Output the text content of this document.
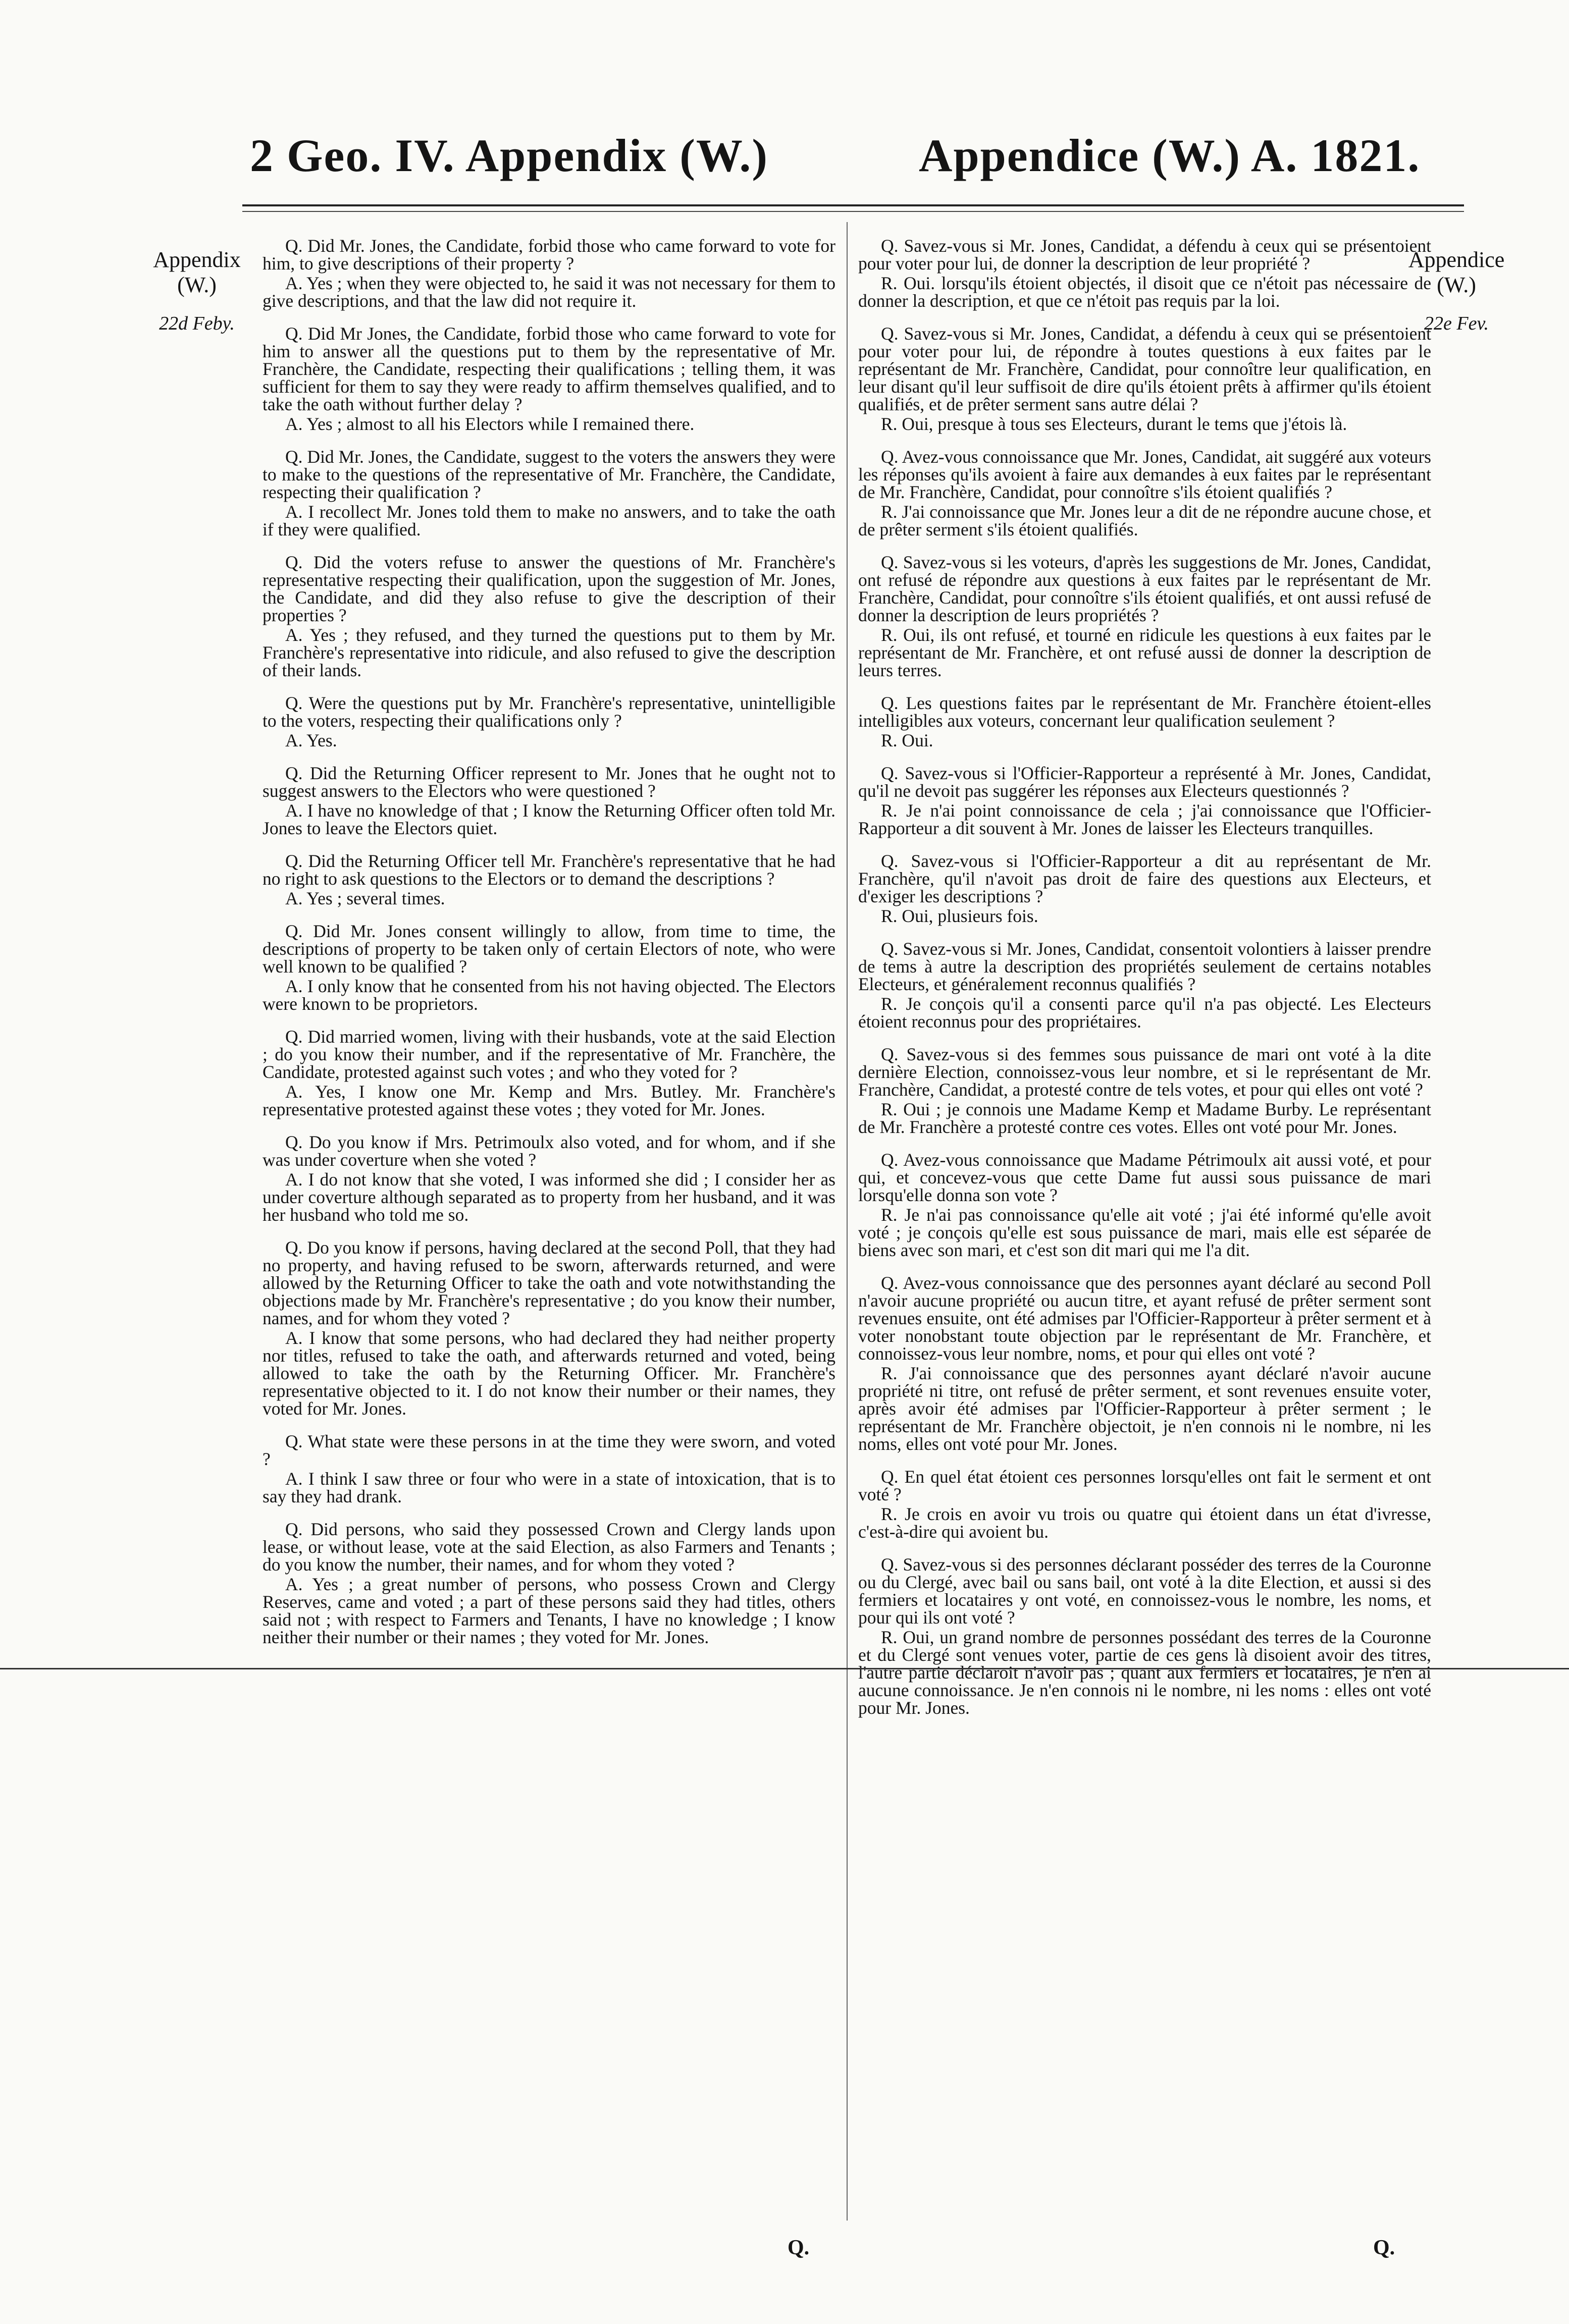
2 Geo. IV. Appendix (W.)	Appendice (W.) A. 1821.
Appendix (W.)
22d Feby.
Appendice (W.)
22e Fev.

Q. Did Mr. Jones, the Candidate, forbid those who came forward to vote for him, to give descriptions of their property ?

A. Yes ; when they were objected to, he said it was not necessary for them to give descriptions, and that the law did not require it.

Q. Did Mr Jones, the Candidate, forbid those who came forward to vote for him to answer all the questions put to them by the representative of Mr. Franchère, the Candidate, respecting their qualifications ; telling them, it was sufficient for them to say they were ready to affirm themselves qualified, and to take the oath without further delay ?

A. Yes ; almost to all his Electors while I remained there.

Q. Did Mr. Jones, the Candidate, suggest to the voters the answers they were to make to the questions of the representative of Mr. Franchère, the Candidate, respecting their qualification ?

A. I recollect Mr. Jones told them to make no answers, and to take the oath if they were qualified.

Q. Did the voters refuse to answer the questions of Mr. Franchère's representative respecting their qualification, upon the suggestion of Mr. Jones, the Candidate, and did they also refuse to give the description of their properties ?

A. Yes ; they refused, and they turned the questions put to them by Mr. Franchère's representative into ridicule, and also refused to give the description of their lands.

Q. Were the questions put by Mr. Franchère's representative, unintelligible to the voters, respecting their qualifications only ?

A. Yes.

Q. Did the Returning Officer represent to Mr. Jones that he ought not to suggest answers to the Electors who were questioned ?

A. I have no knowledge of that ; I know the Returning Officer often told Mr. Jones to leave the Electors quiet.

Q. Did the Returning Officer tell Mr. Franchère's representative that he had no right to ask questions to the Electors or to demand the descriptions ?

A. Yes ; several times.

Q. Did Mr. Jones consent willingly to allow, from time to time, the descriptions of property to be taken only of certain Electors of note, who were well known to be qualified ?

A. I only know that he consented from his not having objected. The Electors were known to be proprietors.

Q. Did married women, living with their husbands, vote at the said Election ; do you know their number, and if the representative of Mr. Franchère, the Candidate, protested against such votes ; and who they voted for ?

A. Yes, I know one Mr. Kemp and Mrs. Butley. Mr. Franchère's representative protested against these votes ; they voted for Mr. Jones.

Q. Do you know if Mrs. Petrimoulx also voted, and for whom, and if she was under coverture when she voted ?

A. I do not know that she voted, I was informed she did ; I consider her as under coverture although separated as to property from her husband, and it was her husband who told me so.

Q. Do you know if persons, having declared at the second Poll, that they had no property, and having refused to be sworn, afterwards returned, and were allowed by the Returning Officer to take the oath and vote notwithstanding the objections made by Mr. Franchère's representative ; do you know their number, names, and for whom they voted ?

A. I know that some persons, who had declared they had neither property nor titles, refused to take the oath, and afterwards returned and voted, being allowed to take the oath by the Returning Officer. Mr. Franchère's representative objected to it. I do not know their number or their names, they voted for Mr. Jones.

Q. What state were these persons in at the time they were sworn, and voted ?

A. I think I saw three or four who were in a state of intoxication, that is to say they had drank.

Q. Did persons, who said they possessed Crown and Clergy lands upon lease, or without lease, vote at the said Election, as also Farmers and Tenants ; do you know the number, their names, and for whom they voted ?

A. Yes ; a great number of persons, who possess Crown and Clergy Reserves, came and voted ; a part of these persons said they had titles, others said not ; with respect to Farmers and Tenants, I have no knowledge ; I know neither their number or their names ; they voted for Mr. Jones.

Q. Savez-vous si Mr. Jones, Candidat, a défendu à ceux qui se présentoient pour voter pour lui, de donner la description de leur propriété ?

R. Oui. lorsqu'ils étoient objectés, il disoit que ce n'étoit pas nécessaire de donner la description, et que ce n'étoit pas requis par la loi.

Q. Savez-vous si Mr. Jones, Candidat, a défendu à ceux qui se présentoient pour voter pour lui, de répondre à toutes questions à eux faites par le représentant de Mr. Franchère, Candidat, pour connoître leur qualification, en leur disant qu'il leur suffisoit de dire qu'ils étoient prêts à affirmer qu'ils étoient qualifiés, et de prêter serment sans autre délai ?

R. Oui, presque à tous ses Electeurs, durant le tems que j'étois là.

Q. Avez-vous connoissance que Mr. Jones, Candidat, ait suggéré aux voteurs les réponses qu'ils avoient à faire aux demandes à eux faites par le représentant de Mr. Franchère, Candidat, pour connoître s'ils étoient qualifiés ?

R. J'ai connoissance que Mr. Jones leur a dit de ne répondre aucune chose, et de prêter serment s'ils étoient qualifiés.

Q. Savez-vous si les voteurs, d'après les suggestions de Mr. Jones, Candidat, ont refusé de répondre aux questions à eux faites par le représentant de Mr. Franchère, Candidat, pour connoître s'ils étoient qualifiés, et ont aussi refusé de donner la description de leurs propriétés ?

R. Oui, ils ont refusé, et tourné en ridicule les questions à eux faites par le représentant de Mr. Franchère, et ont refusé aussi de donner la description de leurs terres.

Q. Les questions faites par le représentant de Mr. Franchère étoient-elles intelligibles aux voteurs, concernant leur qualification seulement ?

R. Oui.

Q. Savez-vous si l'Officier-Rapporteur a représenté à Mr. Jones, Candidat, qu'il ne devoit pas suggérer les réponses aux Electeurs questionnés ?

R. Je n'ai point connoissance de cela ; j'ai connoissance que l'Officier-Rapporteur a dit souvent à Mr. Jones de laisser les Electeurs tranquilles.

Q. Savez-vous si l'Officier-Rapporteur a dit au représentant de Mr. Franchère, qu'il n'avoit pas droit de faire des questions aux Electeurs, et d'exiger les descriptions ?

R. Oui, plusieurs fois.

Q. Savez-vous si Mr. Jones, Candidat, consentoit volontiers à laisser prendre de tems à autre la description des propriétés seulement de certains notables Electeurs, et généralement reconnus qualifiés ?

R. Je conçois qu'il a consenti parce qu'il n'a pas objecté. Les Electeurs étoient reconnus pour des propriétaires.

Q. Savez-vous si des femmes sous puissance de mari ont voté à la dite dernière Election, connoissez-vous leur nombre, et si le représentant de Mr. Franchère, Candidat, a protesté contre de tels votes, et pour qui elles ont voté ?

R. Oui ; je connois une Madame Kemp et Madame Burby. Le représentant de Mr. Franchère a protesté contre ces votes. Elles ont voté pour Mr. Jones.

Q. Avez-vous connoissance que Madame Pétrimoulx ait aussi voté, et pour qui, et concevez-vous que cette Dame fut aussi sous puissance de mari lorsqu'elle donna son vote ?

R. Je n'ai pas connoissance qu'elle ait voté ; j'ai été informé qu'elle avoit voté ; je conçois qu'elle est sous puissance de mari, mais elle est séparée de biens avec son mari, et c'est son dit mari qui me l'a dit.

Q. Avez-vous connoissance que des personnes ayant déclaré au second Poll n'avoir aucune propriété ou aucun titre, et ayant refusé de prêter serment sont revenues ensuite, ont été admises par l'Officier-Rapporteur à prêter serment et à voter nonobstant toute objection par le représentant de Mr. Franchère, et connoissez-vous leur nombre, noms, et pour qui elles ont voté ?

R. J'ai connoissance que des personnes ayant déclaré n'avoir aucune propriété ni titre, ont refusé de prêter serment, et sont revenues ensuite voter, après avoir été admises par l'Officier-Rapporteur à prêter serment ; le représentant de Mr. Franchère objectoit, je n'en connois ni le nombre, ni les noms, elles ont voté pour Mr. Jones.

Q. En quel état étoient ces personnes lorsqu'elles ont fait le serment et ont voté ?

R. Je crois en avoir vu trois ou quatre qui étoient dans un état d'ivresse, c'est-à-dire qui avoient bu.

Q. Savez-vous si des personnes déclarant posséder des terres de la Couronne ou du Clergé, avec bail ou sans bail, ont voté à la dite Election, et aussi si des fermiers et locataires y ont voté, en connoissez-vous le nombre, les noms, et pour qui ils ont voté ?

R. Oui, un grand nombre de personnes possédant des terres de la Couronne et du Clergé sont venues voter, partie de ces gens là disoient avoir des titres, l'autre partie déclaroit n'avoir pas ; quant aux fermiers et locataires, je n'en ai aucune connoissance. Je n'en connois ni le nombre, ni les noms : elles ont voté pour Mr. Jones.

Q.	Q.
